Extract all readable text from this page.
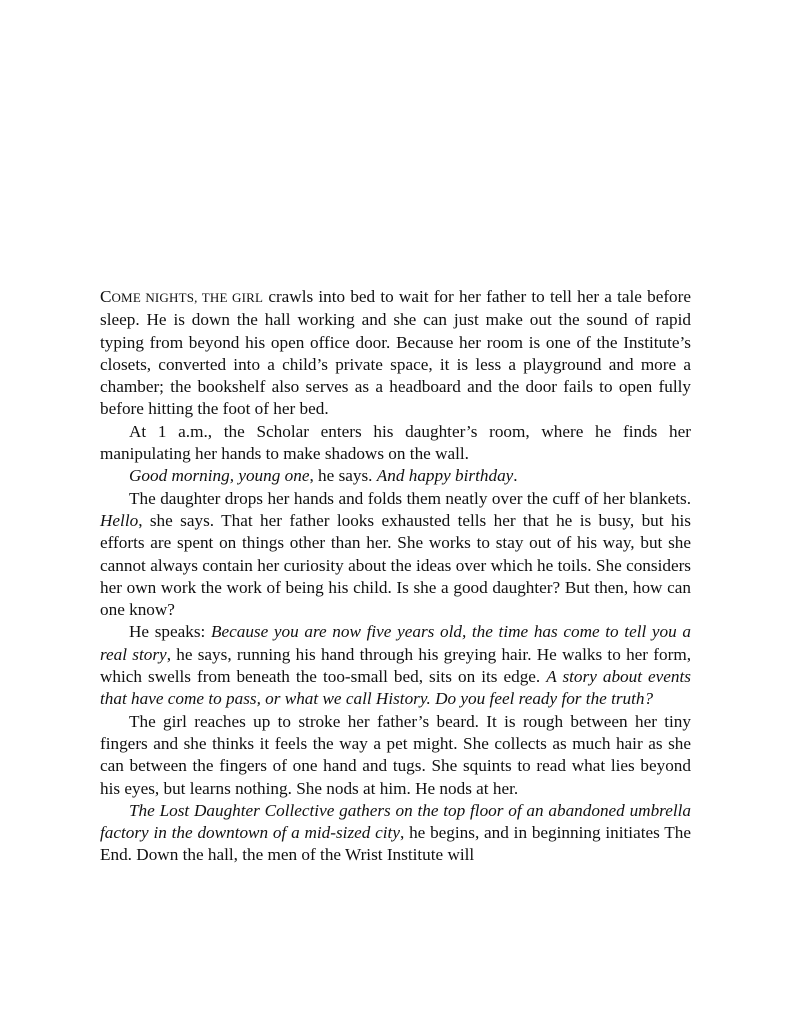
COME NIGHTS, THE GIRL crawls into bed to wait for her father to tell her a tale before sleep. He is down the hall working and she can just make out the sound of rapid typing from beyond his open office door. Because her room is one of the Institute’s closets, converted into a child’s private space, it is less a playground and more a chamber; the bookshelf also serves as a headboard and the door fails to open fully before hitting the foot of her bed.

At 1 a.m., the Scholar enters his daughter’s room, where he finds her manipulating her hands to make shadows on the wall.

Good morning, young one, he says. And happy birthday.

The daughter drops her hands and folds them neatly over the cuff of her blankets. Hello, she says. That her father looks exhausted tells her that he is busy, but his efforts are spent on things other than her. She works to stay out of his way, but she cannot always contain her curiosity about the ideas over which he toils. She considers her own work the work of being his child. Is she a good daughter? But then, how can one know?

He speaks: Because you are now five years old, the time has come to tell you a real story, he says, running his hand through his greying hair. He walks to her form, which swells from beneath the too-small bed, sits on its edge. A story about events that have come to pass, or what we call History. Do you feel ready for the truth?

The girl reaches up to stroke her father’s beard. It is rough between her tiny fingers and she thinks it feels the way a pet might. She collects as much hair as she can between the fingers of one hand and tugs. She squints to read what lies beyond his eyes, but learns nothing. She nods at him. He nods at her.

The Lost Daughter Collective gathers on the top floor of an abandoned umbrella factory in the downtown of a mid-sized city, he begins, and in beginning initiates The End. Down the hall, the men of the Wrist Institute will
